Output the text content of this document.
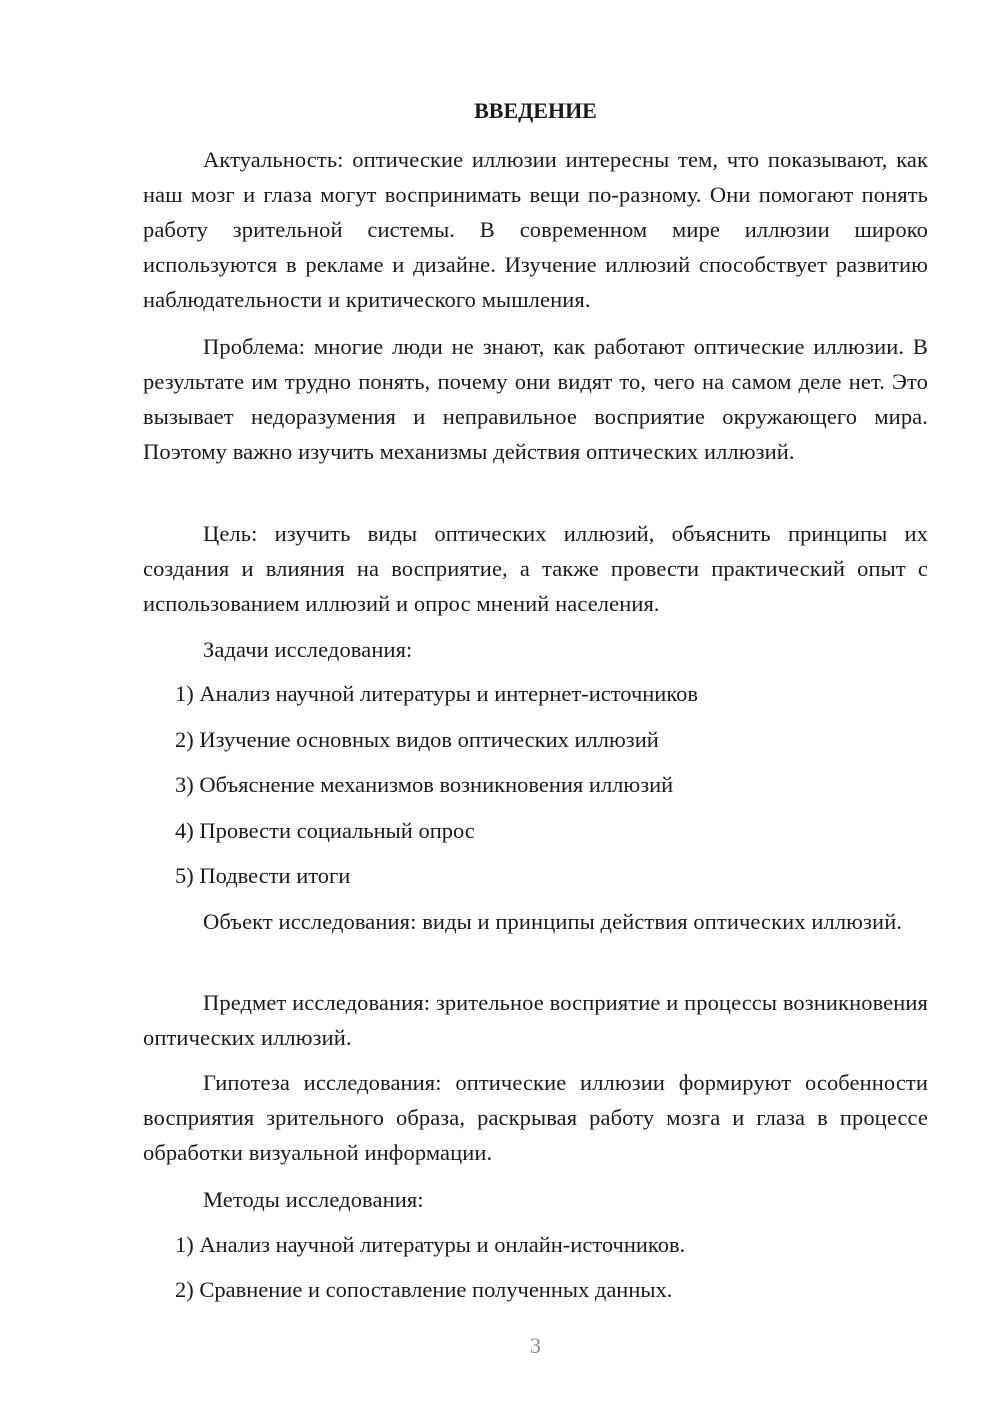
ВВЕДЕНИЕ

Актуальность: оптические иллюзии интересны тем, что показывают, как наш мозг и глаза могут воспринимать вещи по-разному. Они помогают понять работу зрительной системы. В современном мире иллюзии широко используются в рекламе и дизайне. Изучение иллюзий способствует развитию наблюдательности и критического мышления.

Проблема: многие люди не знают, как работают оптические иллюзии. В результате им трудно понять, почему они видят то, чего на самом деле нет. Это вызывает недоразумения и неправильное восприятие окружающего мира. Поэтому важно изучить механизмы действия оптических иллюзий.

Цель: изучить виды оптических иллюзий, объяснить принципы их создания и влияния на восприятие, а также провести практический опыт с использованием иллюзий и опрос мнений населения.

Задачи исследования:

1) Анализ научной литературы и интернет-источников

2) Изучение основных видов оптических иллюзий

3) Объяснение механизмов возникновения иллюзий

4) Провести социальный опрос

5) Подвести итоги

Объект исследования: виды и принципы действия оптических иллюзий.

Предмет исследования: зрительное восприятие и процессы возникновения оптических иллюзий.

Гипотеза исследования: оптические иллюзии формируют особенности восприятия зрительного образа, раскрывая работу мозга и глаза в процессе обработки визуальной информации.

Методы исследования:

1) Анализ научной литературы и онлайн-источников.

2) Сравнение и сопоставление полученных данных.

3
